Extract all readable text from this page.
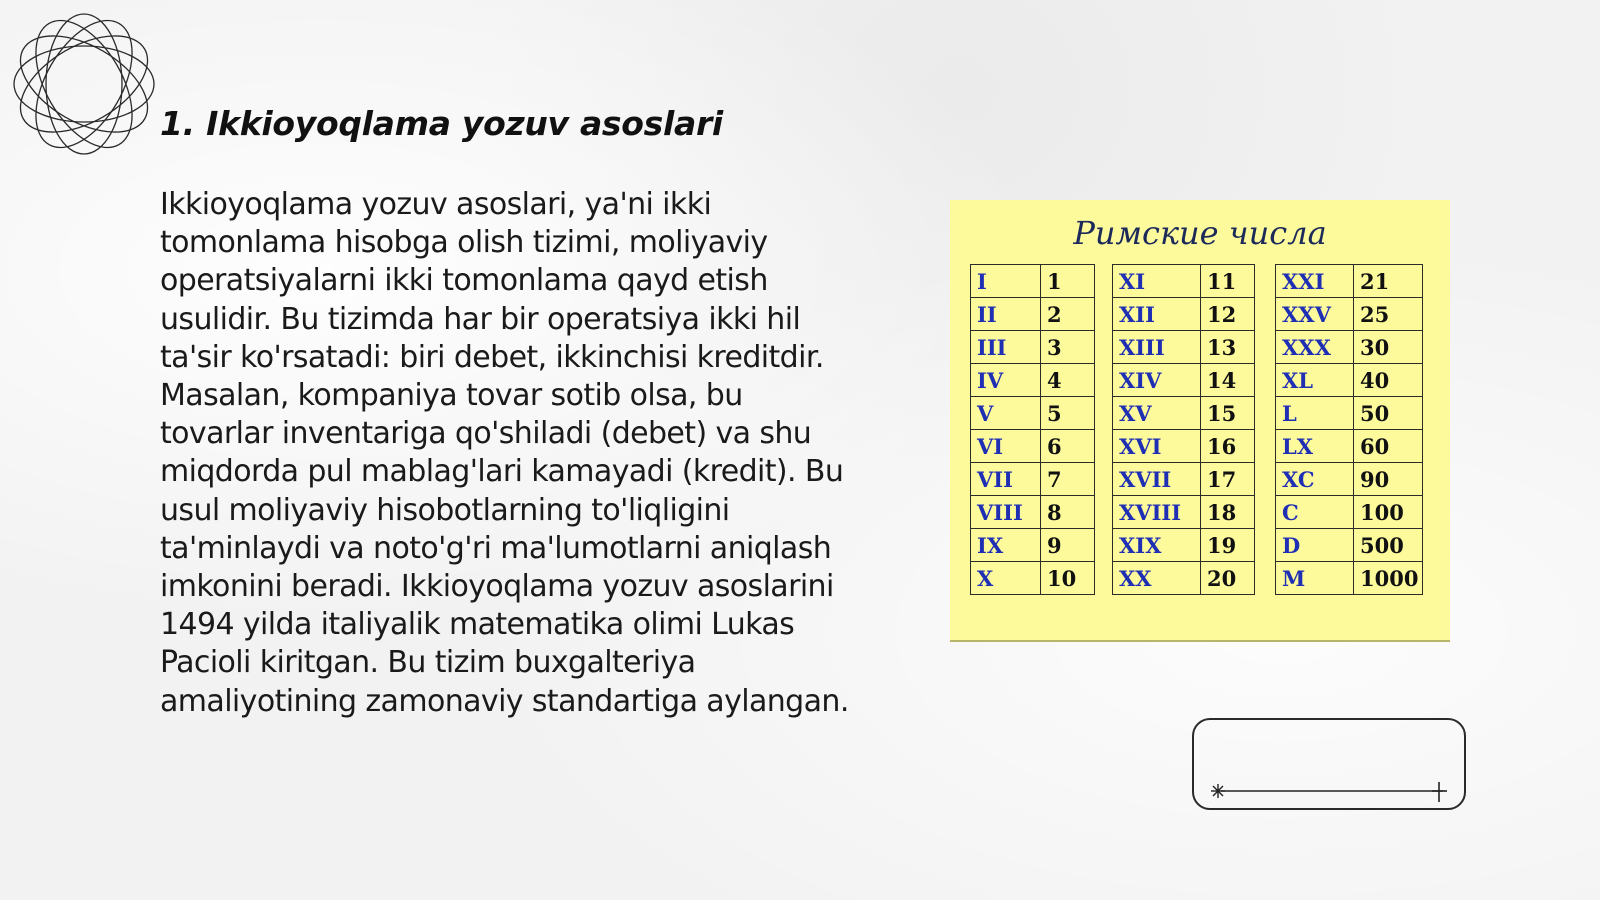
1. Ikkioyoqlama yozuv asoslari

Ikkioyoqlama yozuv asoslari, ya'ni ikki tomonlama hisobga olish tizimi, moliyaviy operatsiyalarni ikki tomonlama qayd etish usulidir. Bu tizimda har bir operatsiya ikki hil ta'sir ko'rsatadi: biri debet, ikkinchisi kreditdir. Masalan, kompaniya tovar sotib olsa, bu tovarlar inventariga qo'shiladi (debet) va shu miqdorda pul mablag'lari kamayadi (kredit). Bu usul moliyaviy hisobotlarning to'liqligini ta'minlaydi va noto'g'ri ma'lumotlarni aniqlash imkonini beradi. Ikkioyoqlama yozuv asoslarini 1494 yilda italiyalik matematika olimi Lukas Pacioli kiritgan. Bu tizim buxgalteriya amaliyotining zamonaviy standartiga aylangan.

Римские числа
I	1
II	2
III	3
IV	4
V	5
VI	6
VII	7
VIII	8
IX	9
X	10
XI	11
XII	12
XIII	13
XIV	14
XV	15
XVI	16
XVII	17
XVIII	18
XIX	19
XX	20
XXI	21
XXV	25
XXX	30
XL	40
L	50
LX	60
XC	90
C	100
D	500
M	1000
